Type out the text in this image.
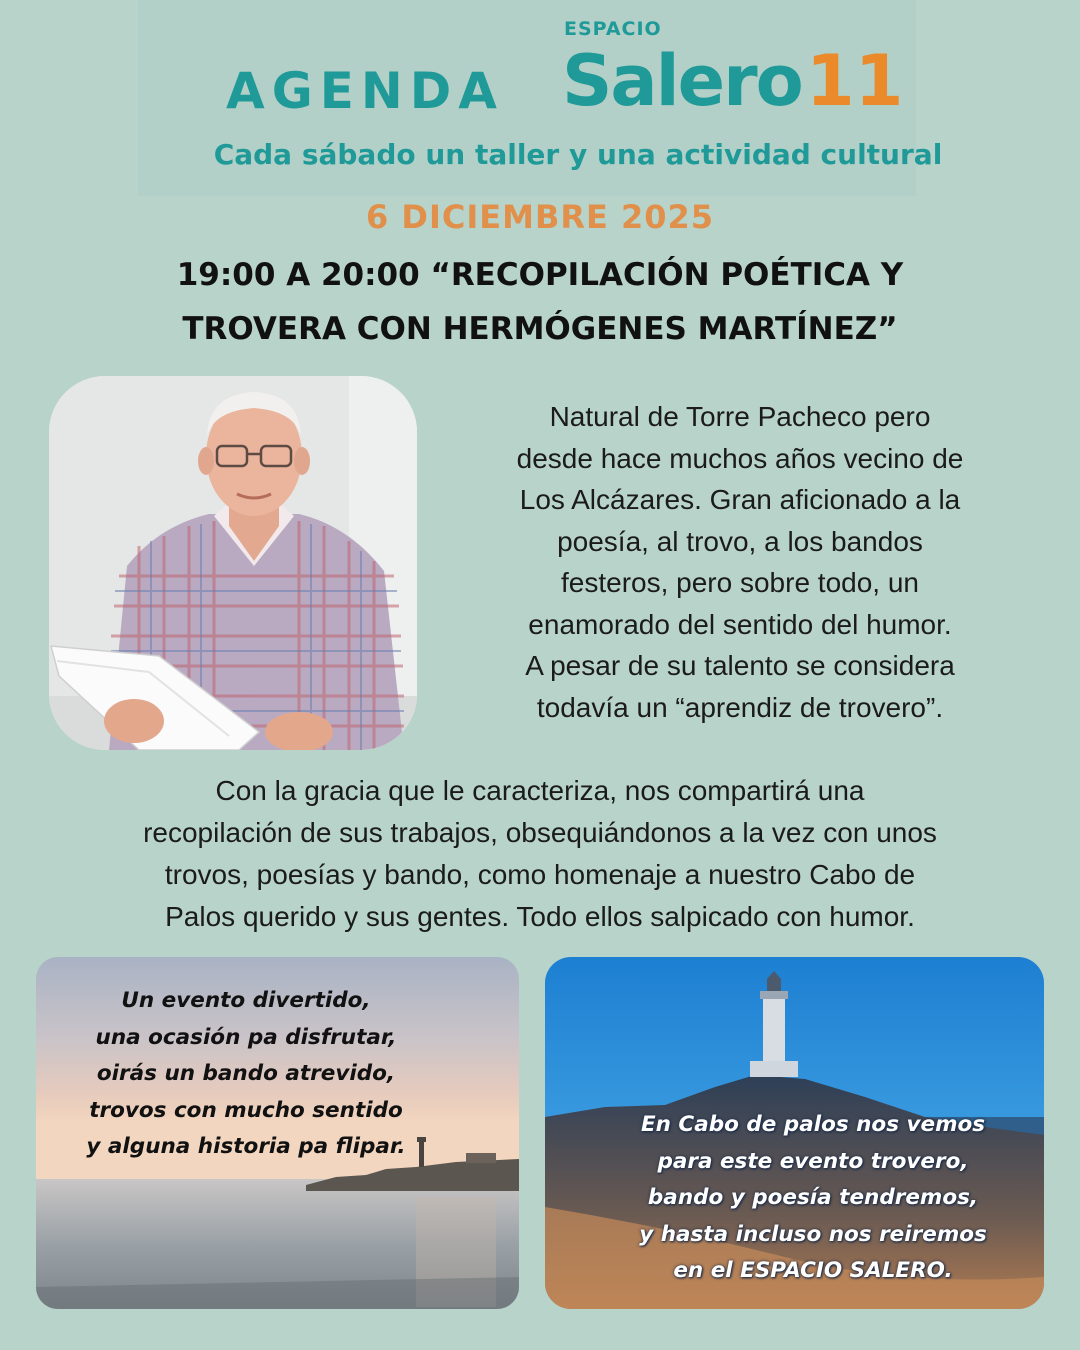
AGENDA
ESPACIO
Salero 11
Cada sábado un taller y una actividad cultural
6 DICIEMBRE 2025
19:00 A 20:00 “RECOPILACIÓN POÉTICA Y
TROVERA CON HERMÓGENES MARTÍNEZ”
Natural de Torre Pacheco pero
desde hace muchos años vecino de
Los Alcázares. Gran aficionado a la
poesía, al trovo, a los bandos
festeros, pero sobre todo, un
enamorado del sentido del humor.
A pesar de su talento se considera
todavía un “aprendiz de trovero”.
Con la gracia que le caracteriza, nos compartirá una
recopilación de sus trabajos, obsequiándonos a la vez con unos
trovos, poesías y bando, como homenaje a nuestro Cabo de
Palos querido y sus gentes. Todo ellos salpicado con humor.
Un evento divertido,
una ocasión pa disfrutar,
oirás un bando atrevido,
trovos con mucho sentido
y alguna historia pa flipar.
En Cabo de palos nos vemos
para este evento trovero,
bando y poesía tendremos,
y hasta incluso nos reiremos
en el ESPACIO SALERO.
